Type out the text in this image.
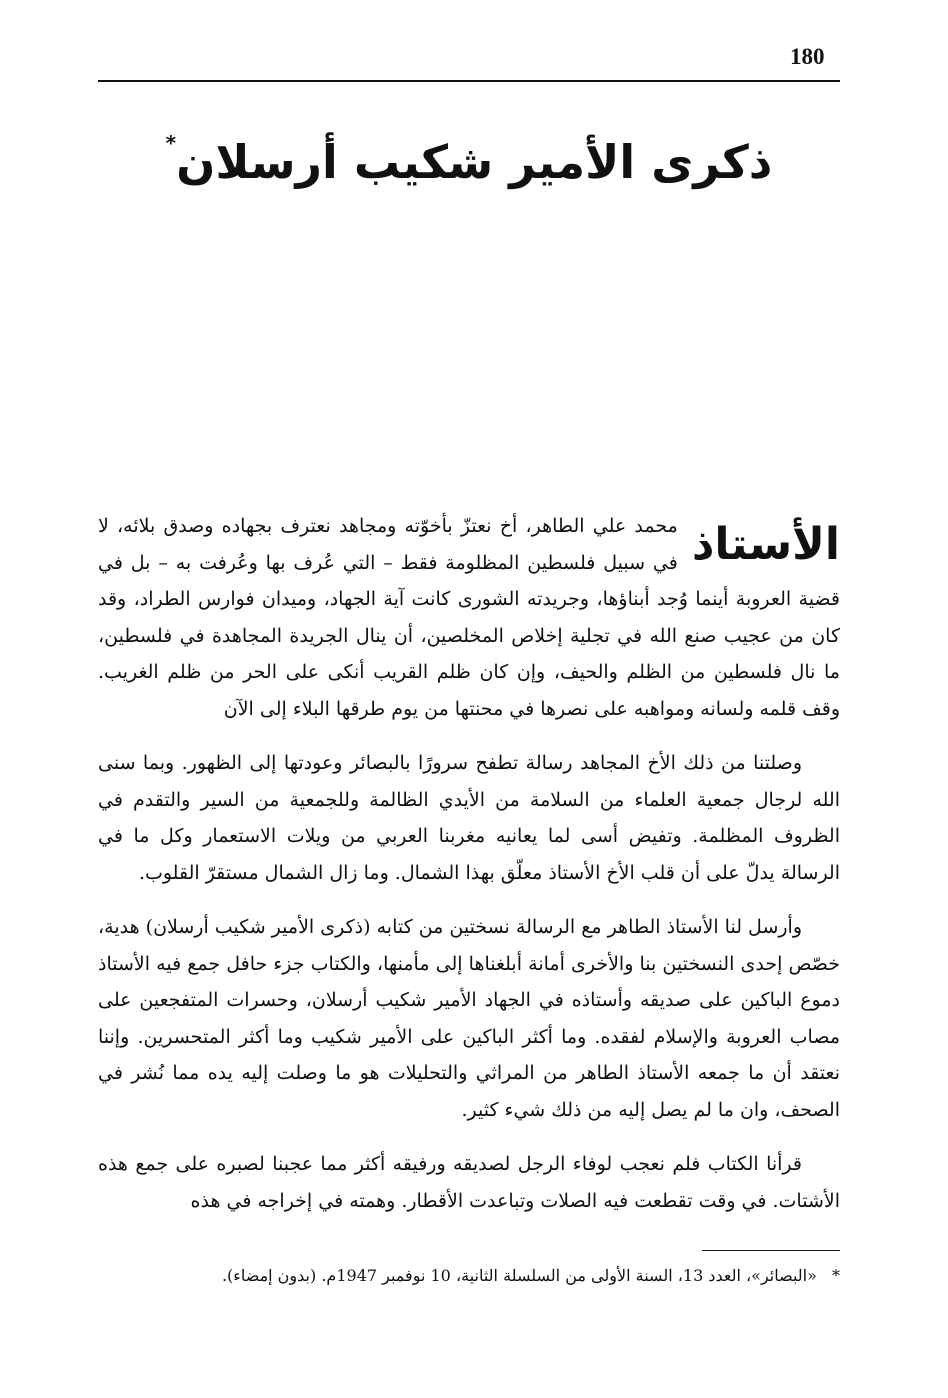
180
ذكرى الأمير شكيب أرسلان*

الأستاذ
محمد علي الطاهر، أخ نعتزّ بأخوّته ومجاهد نعترف بجهاده وصدق بلائه، لا في سبيل فلسطين المظلومة فقط – التي عُرف بها وعُرفت به – بل في قضية العروبة أينما وُجد أبناؤها، وجريدته الشورى كانت آية الجهاد، وميدان فوارس الطراد، وقد كان من عجيب صنع الله في تجلية إخلاص المخلصين، أن ينال الجريدة المجاهدة في فلسطين، ما نال فلسطين من الظلم والحيف، وإن كان ظلم القريب أنكى على الحر من ظلم الغريب. وقف قلمه ولسانه ومواهبه على نصرها في محنتها من يوم طرقها البلاء إلى الآن

وصلتنا من ذلك الأخ المجاهد رسالة تطفح سرورًا بالبصائر وعودتها إلى الظهور. وبما سنى الله لرجال جمعية العلماء من السلامة من الأيدي الظالمة وللجمعية من السير والتقدم في الظروف المظلمة. وتفيض أسى لما يعانيه مغربنا العربي من ويلات الاستعمار وكل ما في الرسالة يدلّ على أن قلب الأخ الأستاذ معلّق بهذا الشمال. وما زال الشمال مستقرّ القلوب.

وأرسل لنا الأستاذ الطاهر مع الرسالة نسختين من كتابه (ذكرى الأمير شكيب أرسلان) هدية، خصّص إحدى النسختين بنا والأخرى أمانة أبلغناها إلى مأمنها، والكتاب جزء حافل جمع فيه الأستاذ دموع الباكين على صديقه وأستاذه في الجهاد الأمير شكيب أرسلان، وحسرات المتفجعين على مصاب العروبة والإسلام لفقده. وما أكثر الباكين على الأمير شكيب وما أكثر المتحسرين. وإننا نعتقد أن ما جمعه الأستاذ الطاهر من المراثي والتحليلات هو ما وصلت إليه يده مما نُشر في الصحف، وان ما لم يصل إليه من ذلك شيء كثير.

قرأنا الكتاب فلم نعجب لوفاء الرجل لصديقه ورفيقه أكثر مما عجبنا لصبره على جمع هذه الأشتات. في وقت تقطعت فيه الصلات وتباعدت الأقطار. وهمته في إخراجه في هذه

* «البصائر»، العدد 13، السنة الأولى من السلسلة الثانية، 10 نوفمبر 1947م. (بدون إمضاء).
